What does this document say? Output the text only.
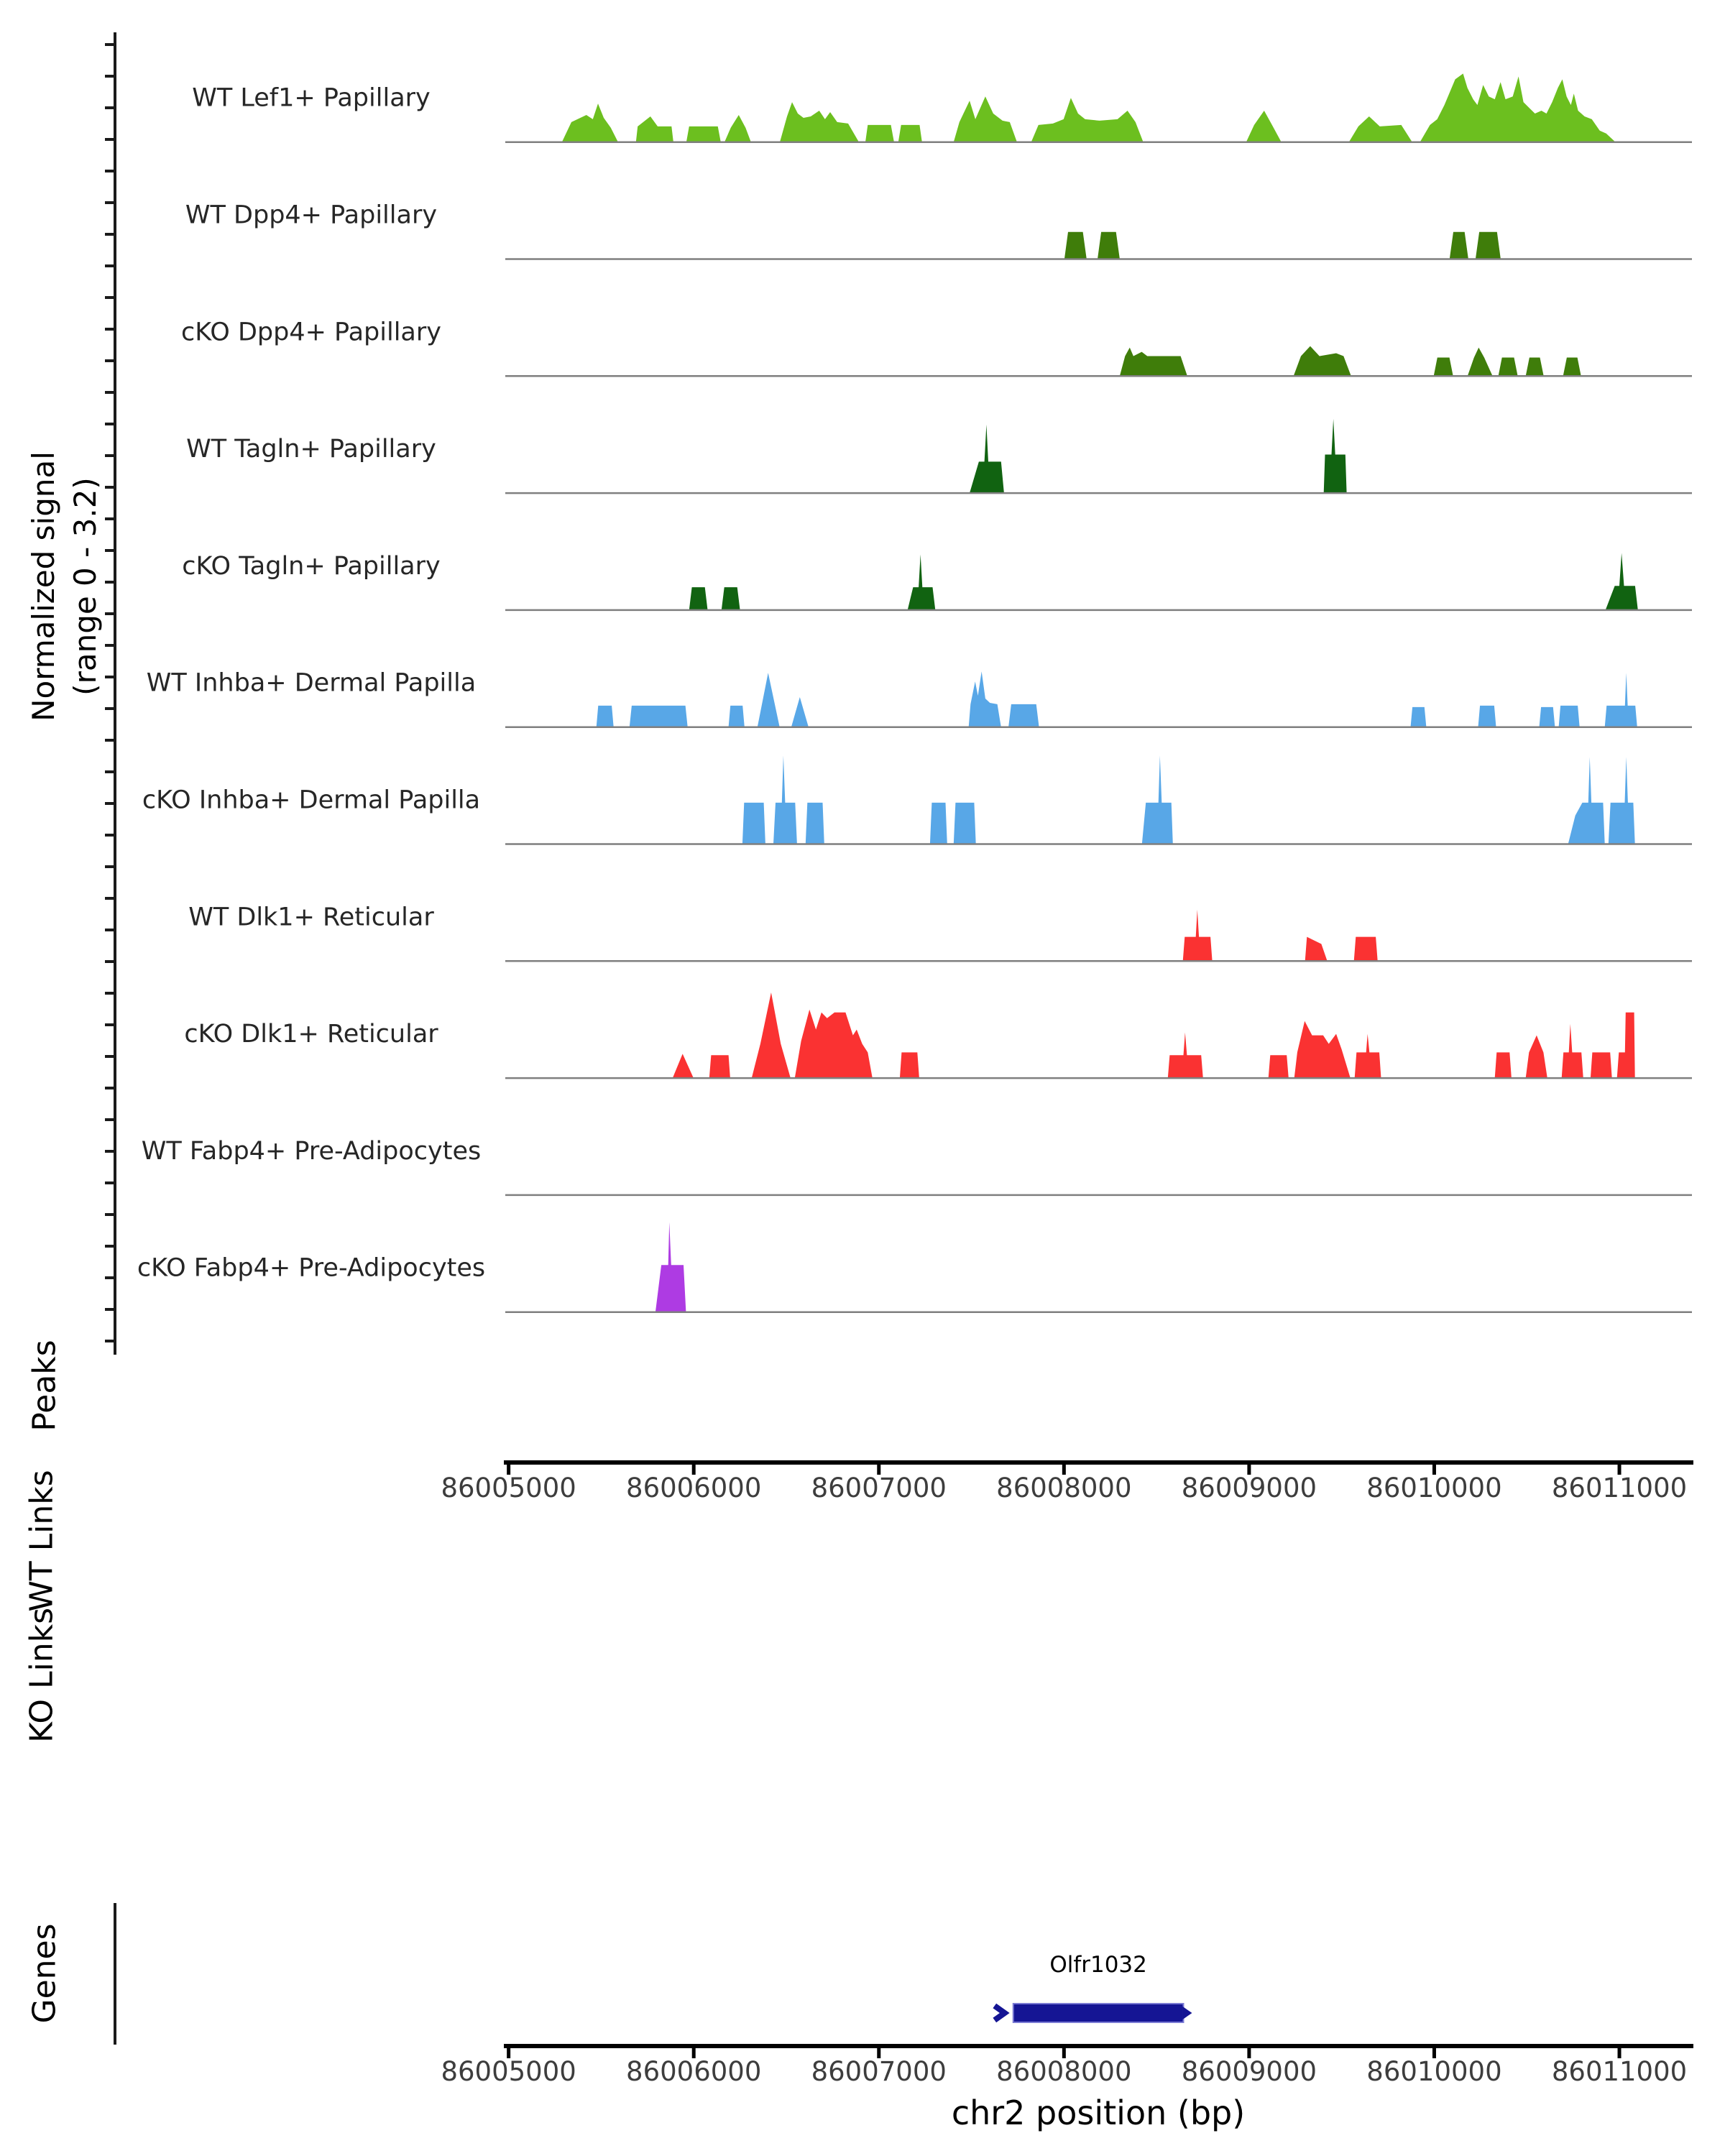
WT Lef1+ Papillary
WT Dpp4+ Papillary
cKO Dpp4+ Papillary
WT Tagln+ Papillary
cKO Tagln+ Papillary
WT Inhba+ Dermal Papilla
cKO Inhba+ Dermal Papilla
WT Dlk1+ Reticular
cKO Dlk1+ Reticular
WT Fabp4+ Pre-Adipocytes
cKO Fabp4+ Pre-Adipocytes
86005000 86006000 86007000 86008000 86009000 86010000 86011000
86005000 86006000 86007000 86008000 86009000 86010000 86011000
Olfr1032
Normalized signal (range 0 - 3.2)
Peaks
WT Links
KO Links
Genes
chr2 position (bp)
